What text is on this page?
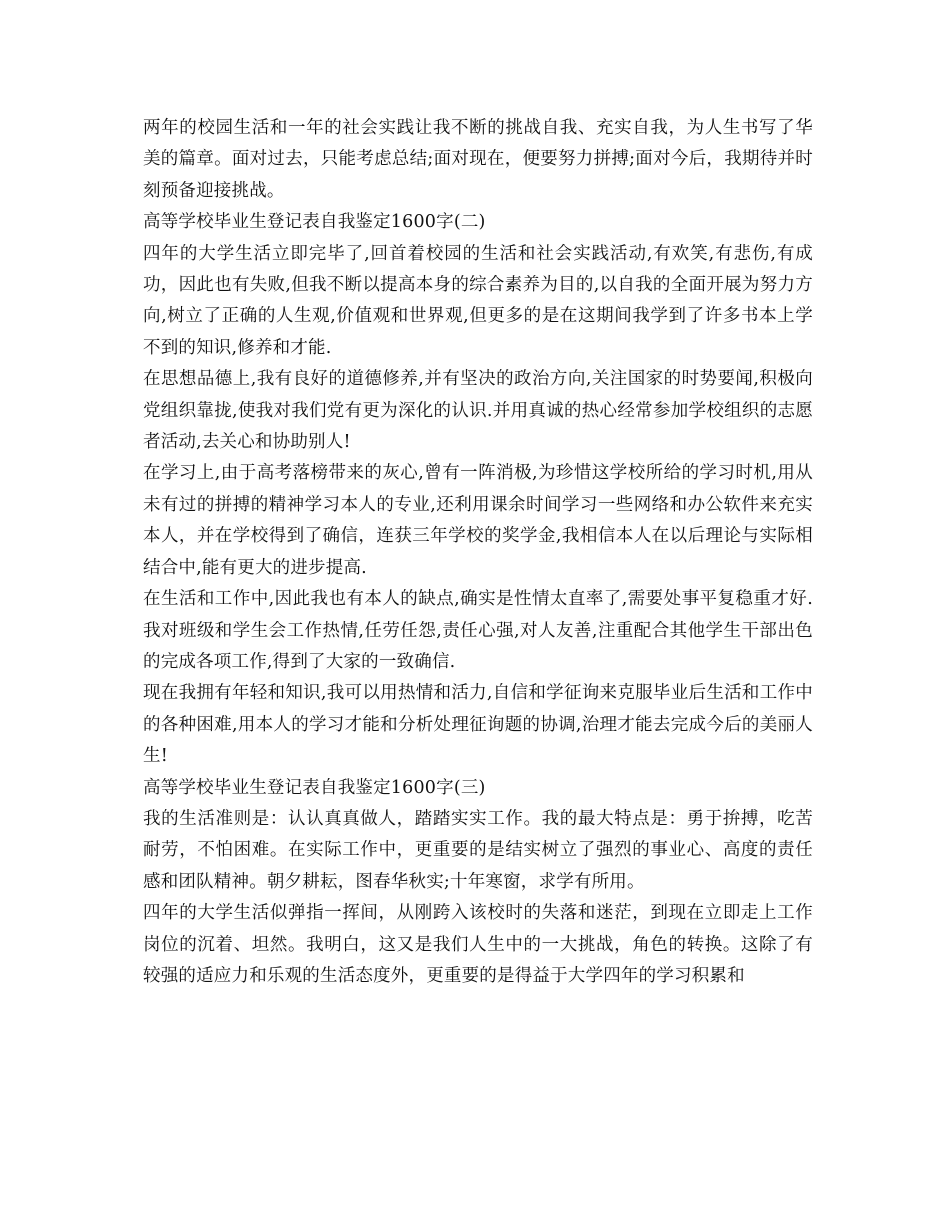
两年的校园生活和一年的社会实践让我不断的挑战自我、充实自我，为人生书写了华美的篇章。面对过去，只能考虑总结;面对现在，便要努力拼搏;面对今后，我期待并时刻预备迎接挑战。

高等学校毕业生登记表自我鉴定1600字(二)

四年的大学生活立即完毕了,回首着校园的生活和社会实践活动,有欢笑,有悲伤,有成功，因此也有失败,但我不断以提高本身的综合素养为目的,以自我的全面开展为努力方向,树立了正确的人生观,价值观和世界观,但更多的是在这期间我学到了许多书本上学不到的知识,修养和才能.

在思想品德上,我有良好的道德修养,并有坚决的政治方向,关注国家的时势要闻,积极向党组织靠拢,使我对我们党有更为深化的认识.并用真诚的热心经常参加学校组织的志愿者活动,去关心和协助别人!

在学习上,由于高考落榜带来的灰心,曾有一阵消极,为珍惜这学校所给的学习时机,用从未有过的拼搏的精神学习本人的专业,还利用课余时间学习一些网络和办公软件来充实本人，并在学校得到了确信，连获三年学校的奖学金,我相信本人在以后理论与实际相结合中,能有更大的进步提高.

在生活和工作中,因此我也有本人的缺点,确实是性情太直率了,需要处事平复稳重才好.我对班级和学生会工作热情,任劳任怨,责任心强,对人友善,注重配合其他学生干部出色的完成各项工作,得到了大家的一致确信.

现在我拥有年轻和知识,我可以用热情和活力,自信和学征询来克服毕业后生活和工作中的各种困难,用本人的学习才能和分析处理征询题的协调,治理才能去完成今后的美丽人生!

高等学校毕业生登记表自我鉴定1600字(三)

我的生活准则是：认认真真做人，踏踏实实工作。我的最大特点是：勇于拚搏，吃苦耐劳，不怕困难。在实际工作中，更重要的是结实树立了强烈的事业心、高度的责任感和团队精神。朝夕耕耘，图春华秋实;十年寒窗，求学有所用。

四年的大学生活似弹指一挥间，从刚跨入该校时的失落和迷茫，到现在立即走上工作岗位的沉着、坦然。我明白，这又是我们人生中的一大挑战，角色的转换。这除了有较强的适应力和乐观的生活态度外，更重要的是得益于大学四年的学习积累和
